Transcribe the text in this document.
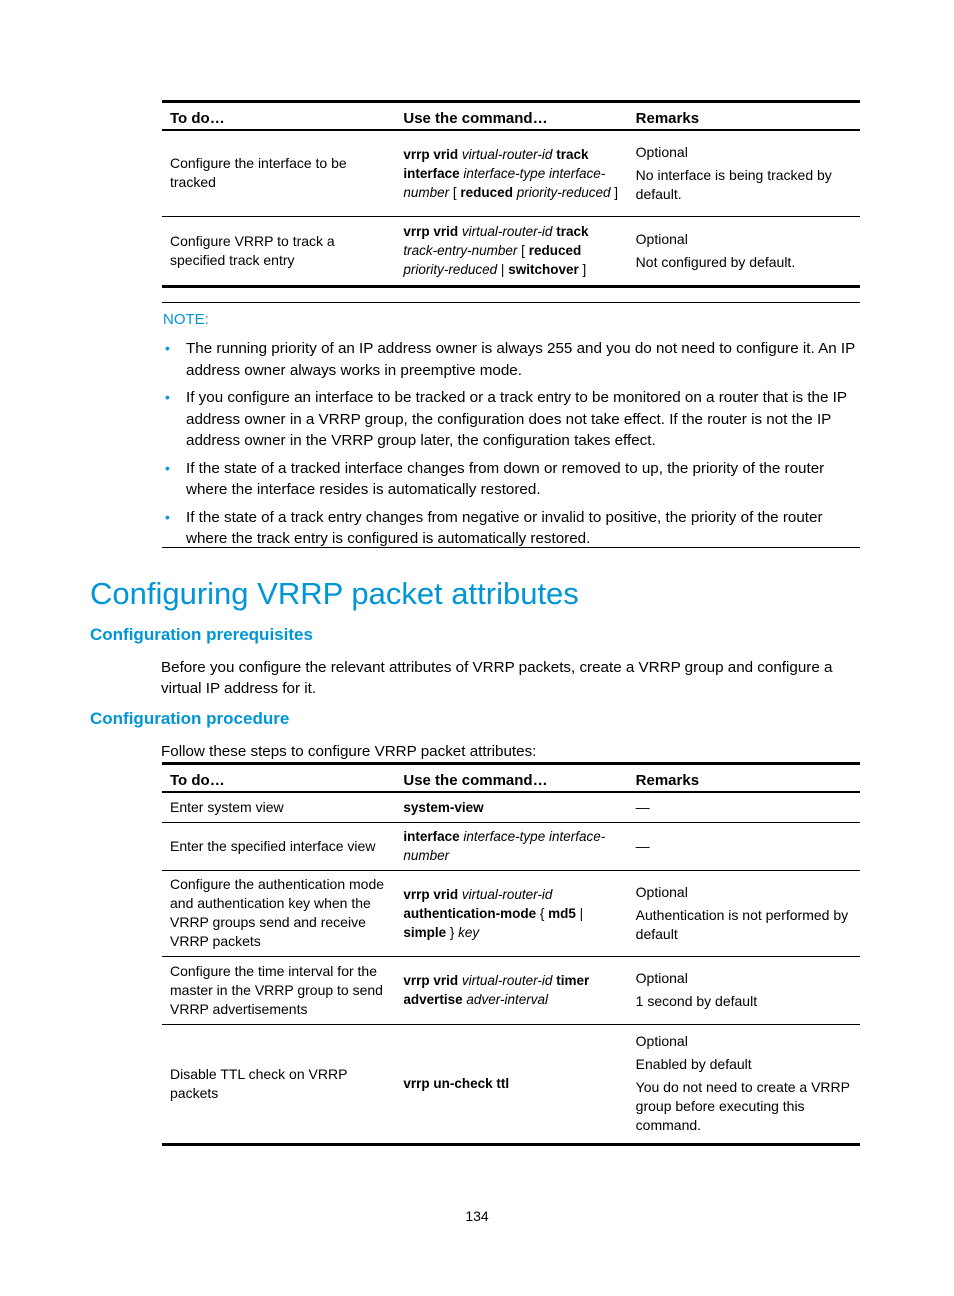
To do…	Use the command…	Remarks
Configure the interface to be tracked	vrrp vrid virtual-router-id track interface interface-type interface-number [ reduced priority-reduced ]	Optional

No interface is being tracked by default.

Configure VRRP to track a specified track entry	vrrp vrid virtual-router-id track track-entry-number [ reduced priority-reduced | switchover ]	Optional

Not configured by default.

NOTE:
• The running priority of an IP address owner is always 255 and you do not need to configure it. An IP address owner always works in preemptive mode.
• If you configure an interface to be tracked or a track entry to be monitored on a router that is the IP address owner in a VRRP group, the configuration does not take effect. If the router is not the IP address owner in the VRRP group later, the configuration takes effect.
• If the state of a tracked interface changes from down or removed to up, the priority of the router where the interface resides is automatically restored.
• If the state of a track entry changes from negative or invalid to positive, the priority of the router where the track entry is configured is automatically restored.
Configuring VRRP packet attributes
Configuration prerequisites
Before you configure the relevant attributes of VRRP packets, create a VRRP group and configure a virtual IP address for it.
Configuration procedure
Follow these steps to configure VRRP packet attributes:
To do…	Use the command…	Remarks
Enter system view	system-view	—

Enter the specified interface view	interface interface-type interface-number	—

Configure the authentication mode and authentication key when the VRRP groups send and receive VRRP packets	vrrp vrid virtual-router-id authentication-mode { md5 | simple } key	Optional

Authentication is not performed by default

Configure the time interval for the master in the VRRP group to send VRRP advertisements	vrrp vrid virtual-router-id timer advertise adver-interval	Optional

1 second by default

Disable TTL check on VRRP packets	vrrp un-check ttl	Optional

Enabled by default

You do not need to create a VRRP group before executing this command.

134
